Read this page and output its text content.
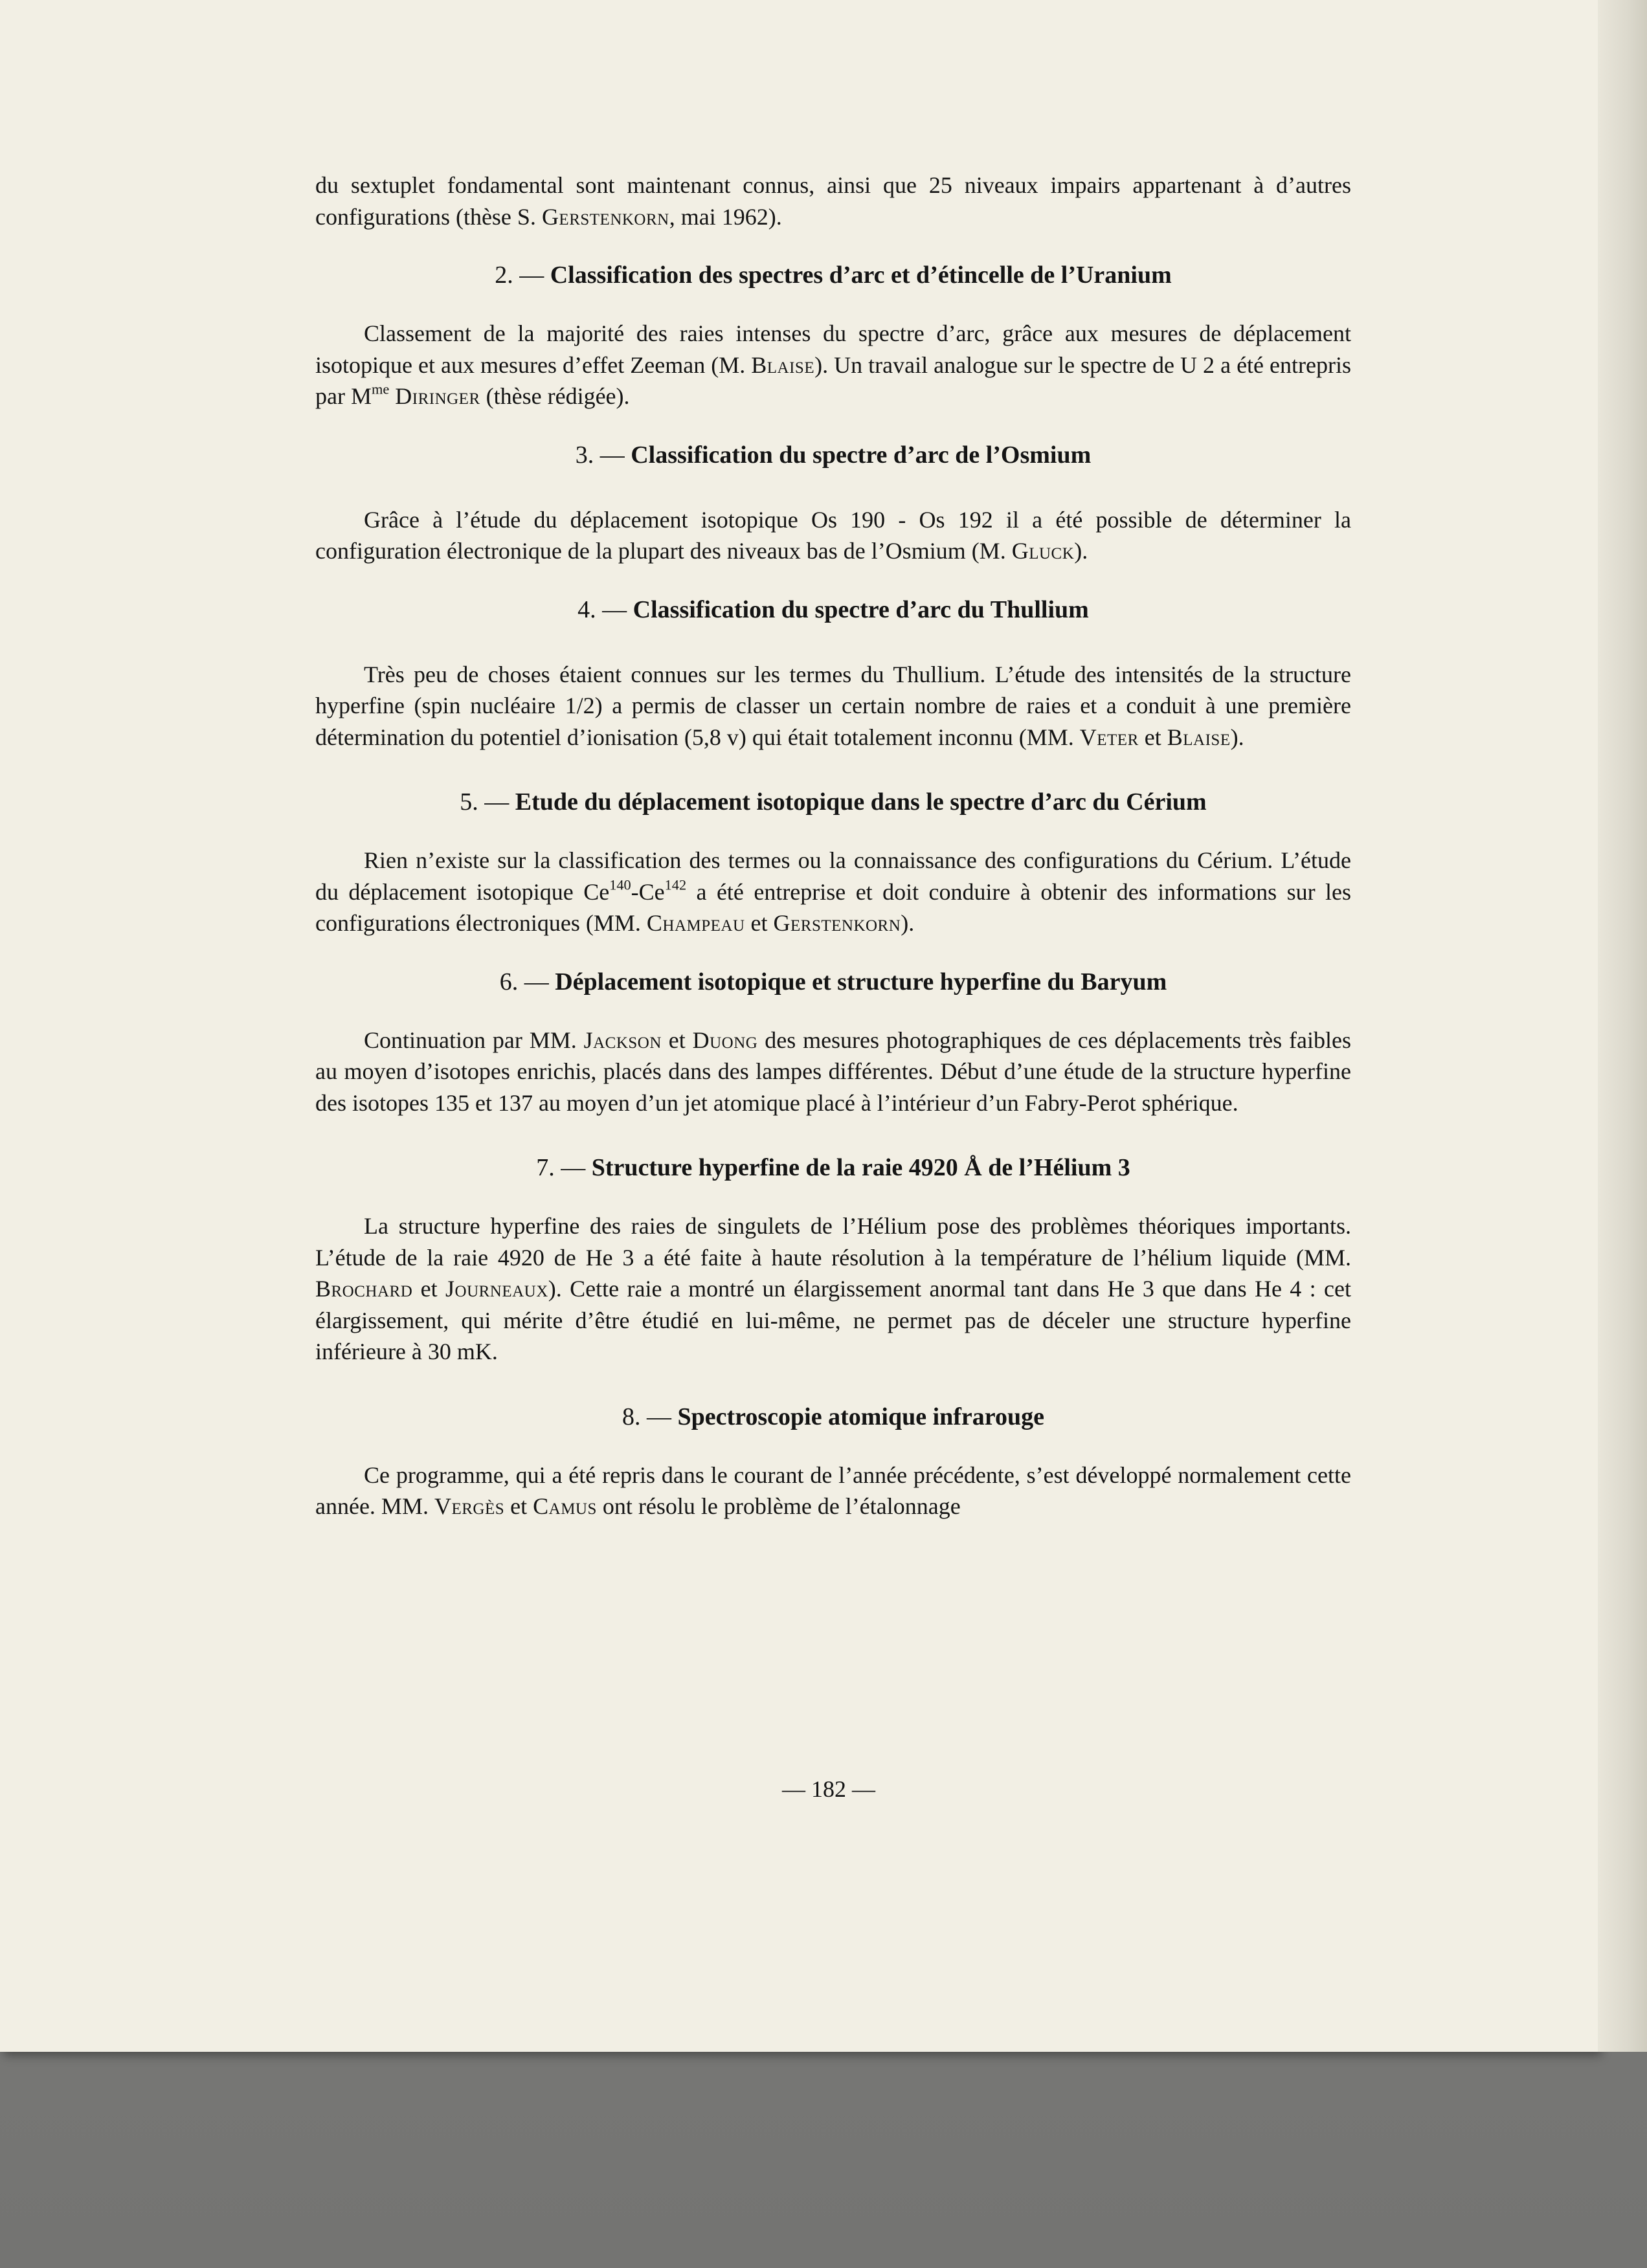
du sextuplet fondamental sont maintenant connus, ainsi que 25 niveaux impairs appartenant à d’autres configurations (thèse S. Gerstenkorn, mai 1962).

2. — Classification des spectres d’arc et d’étincelle de l’Uranium

Classement de la majorité des raies intenses du spectre d’arc, grâce aux mesures de déplacement isotopique et aux mesures d’effet Zeeman (M. Blaise). Un travail analogue sur le spectre de U 2 a été entrepris par $M^{me}$ Diringer (thèse rédigée).

3. — Classification du spectre d’arc de l’Osmium

Grâce à l’étude du déplacement isotopique Os 190 - Os 192 il a été possible de déterminer la configuration électronique de la plupart des niveaux bas de l’Osmium (M. Gluck).

4. — Classification du spectre d’arc du Thullium

Très peu de choses étaient connues sur les termes du Thullium. L’étude des intensités de la structure hyperfine (spin nucléaire 1/2) a permis de classer un certain nombre de raies et a conduit à une première détermination du potentiel d’ionisation (5,8 v) qui était totalement inconnu (MM. Veter et Blaise).

5. — Etude du déplacement isotopique dans le spectre d’arc du Cérium

Rien n’existe sur la classification des termes ou la connaissance des configurations du Cérium. L’étude du déplacement isotopique Ce$^{140}$-Ce$^{142}$ a été entreprise et doit conduire à obtenir des informations sur les configurations électroniques (MM. Champeau et Gerstenkorn).

6. — Déplacement isotopique et structure hyperfine du Baryum

Continuation par MM. Jackson et Duong des mesures photographiques de ces déplacements très faibles au moyen d’isotopes enrichis, placés dans des lampes différentes. Début d’une étude de la structure hyperfine des isotopes 135 et 137 au moyen d’un jet atomique placé à l’intérieur d’un Fabry-Perot sphérique.

7. — Structure hyperfine de la raie 4920 Å de l’Hélium 3

La structure hyperfine des raies de singulets de l’Hélium pose des problèmes théoriques importants. L’étude de la raie 4920 de He 3 a été faite à haute résolution à la température de l’hélium liquide (MM. Brochard et Journeaux). Cette raie a montré un élargissement anormal tant dans He 3 que dans He 4 : cet élargissement, qui mérite d’être étudié en lui-même, ne permet pas de déceler une structure hyperfine inférieure à 30 mK.

8. — Spectroscopie atomique infrarouge

Ce programme, qui a été repris dans le courant de l’année précédente, s’est développé normalement cette année. MM. Vergès et Camus ont résolu le problème de l’étalonnage

— 182 —
